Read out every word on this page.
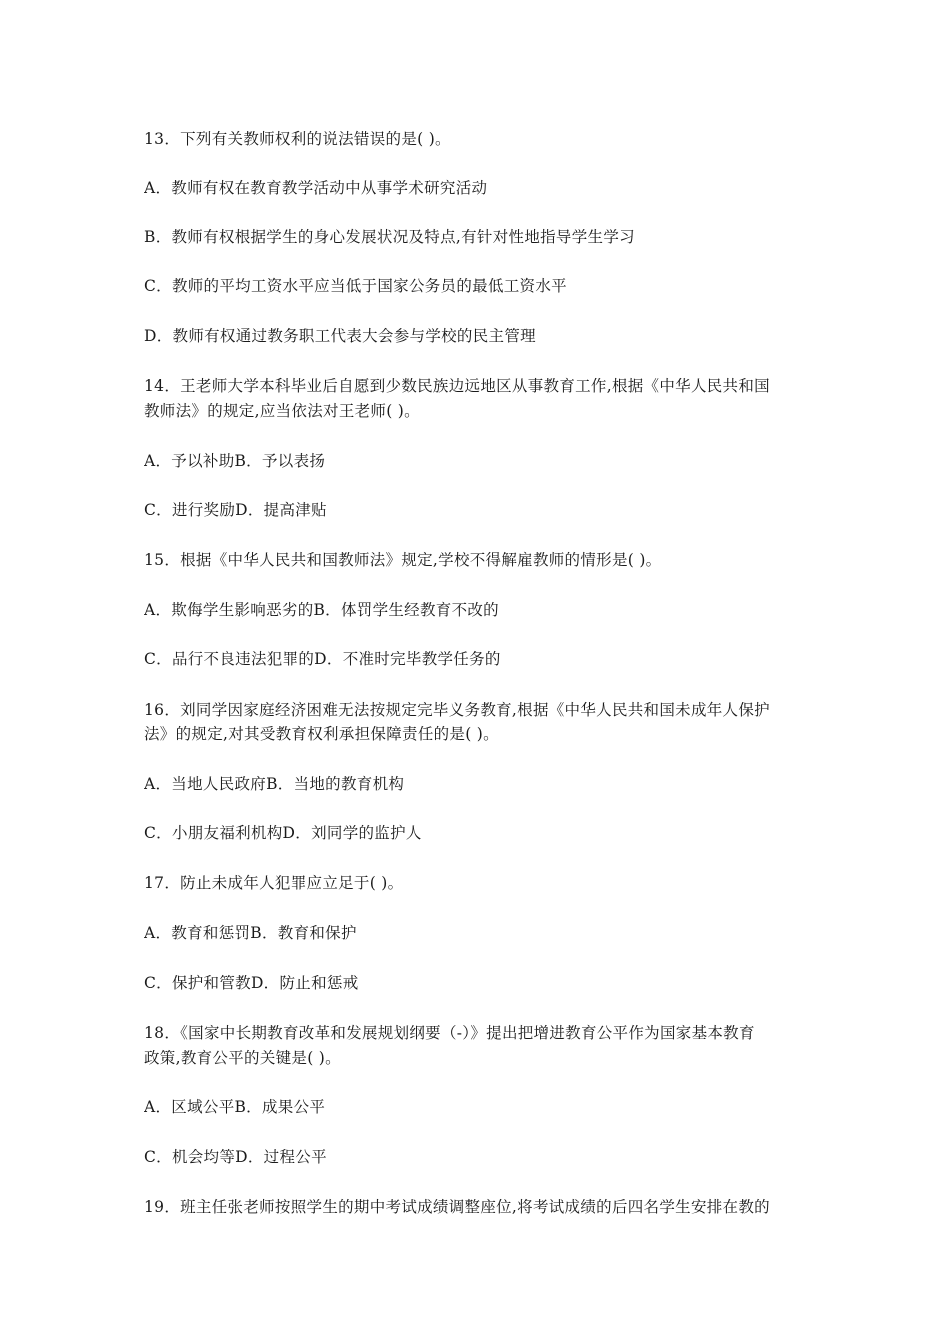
13．下列有关教师权利的说法错误的是( )。
A．教师有权在教育教学活动中从事学术研究活动
B．教师有权根据学生的身心发展状况及特点,有针对性地指导学生学习
C．教师的平均工资水平应当低于国家公务员的最低工资水平
D．教师有权通过教务职工代表大会参与学校的民主管理
14．王老师大学本科毕业后自愿到少数民族边远地区从事教育工作,根据《中华人民共和国
教师法》的规定,应当依法对王老师( )。
A．予以补助B．予以表扬
C．进行奖励D．提高津贴
15．根据《中华人民共和国教师法》规定,学校不得解雇教师的情形是( )。
A．欺侮学生影响恶劣的B．体罚学生经教育不改的
C．品行不良违法犯罪的D．不准时完毕教学任务的
16．刘同学因家庭经济困难无法按规定完毕义务教育,根据《中华人民共和国未成年人保护
法》的规定,对其受教育权利承担保障责任的是( )。
A．当地人民政府B．当地的教育机构
C．小朋友福利机构D．刘同学的监护人
17．防止未成年人犯罪应立足于( )。
A．教育和惩罚B．教育和保护
C．保护和管教D．防止和惩戒
18．《国家中长期教育改革和发展规划纲要（-）》提出把增进教育公平作为国家基本教育
政策,教育公平的关键是( )。
A．区域公平B．成果公平
C．机会均等D．过程公平
19．班主任张老师按照学生的期中考试成绩调整座位,将考试成绩的后四名学生安排在教的
